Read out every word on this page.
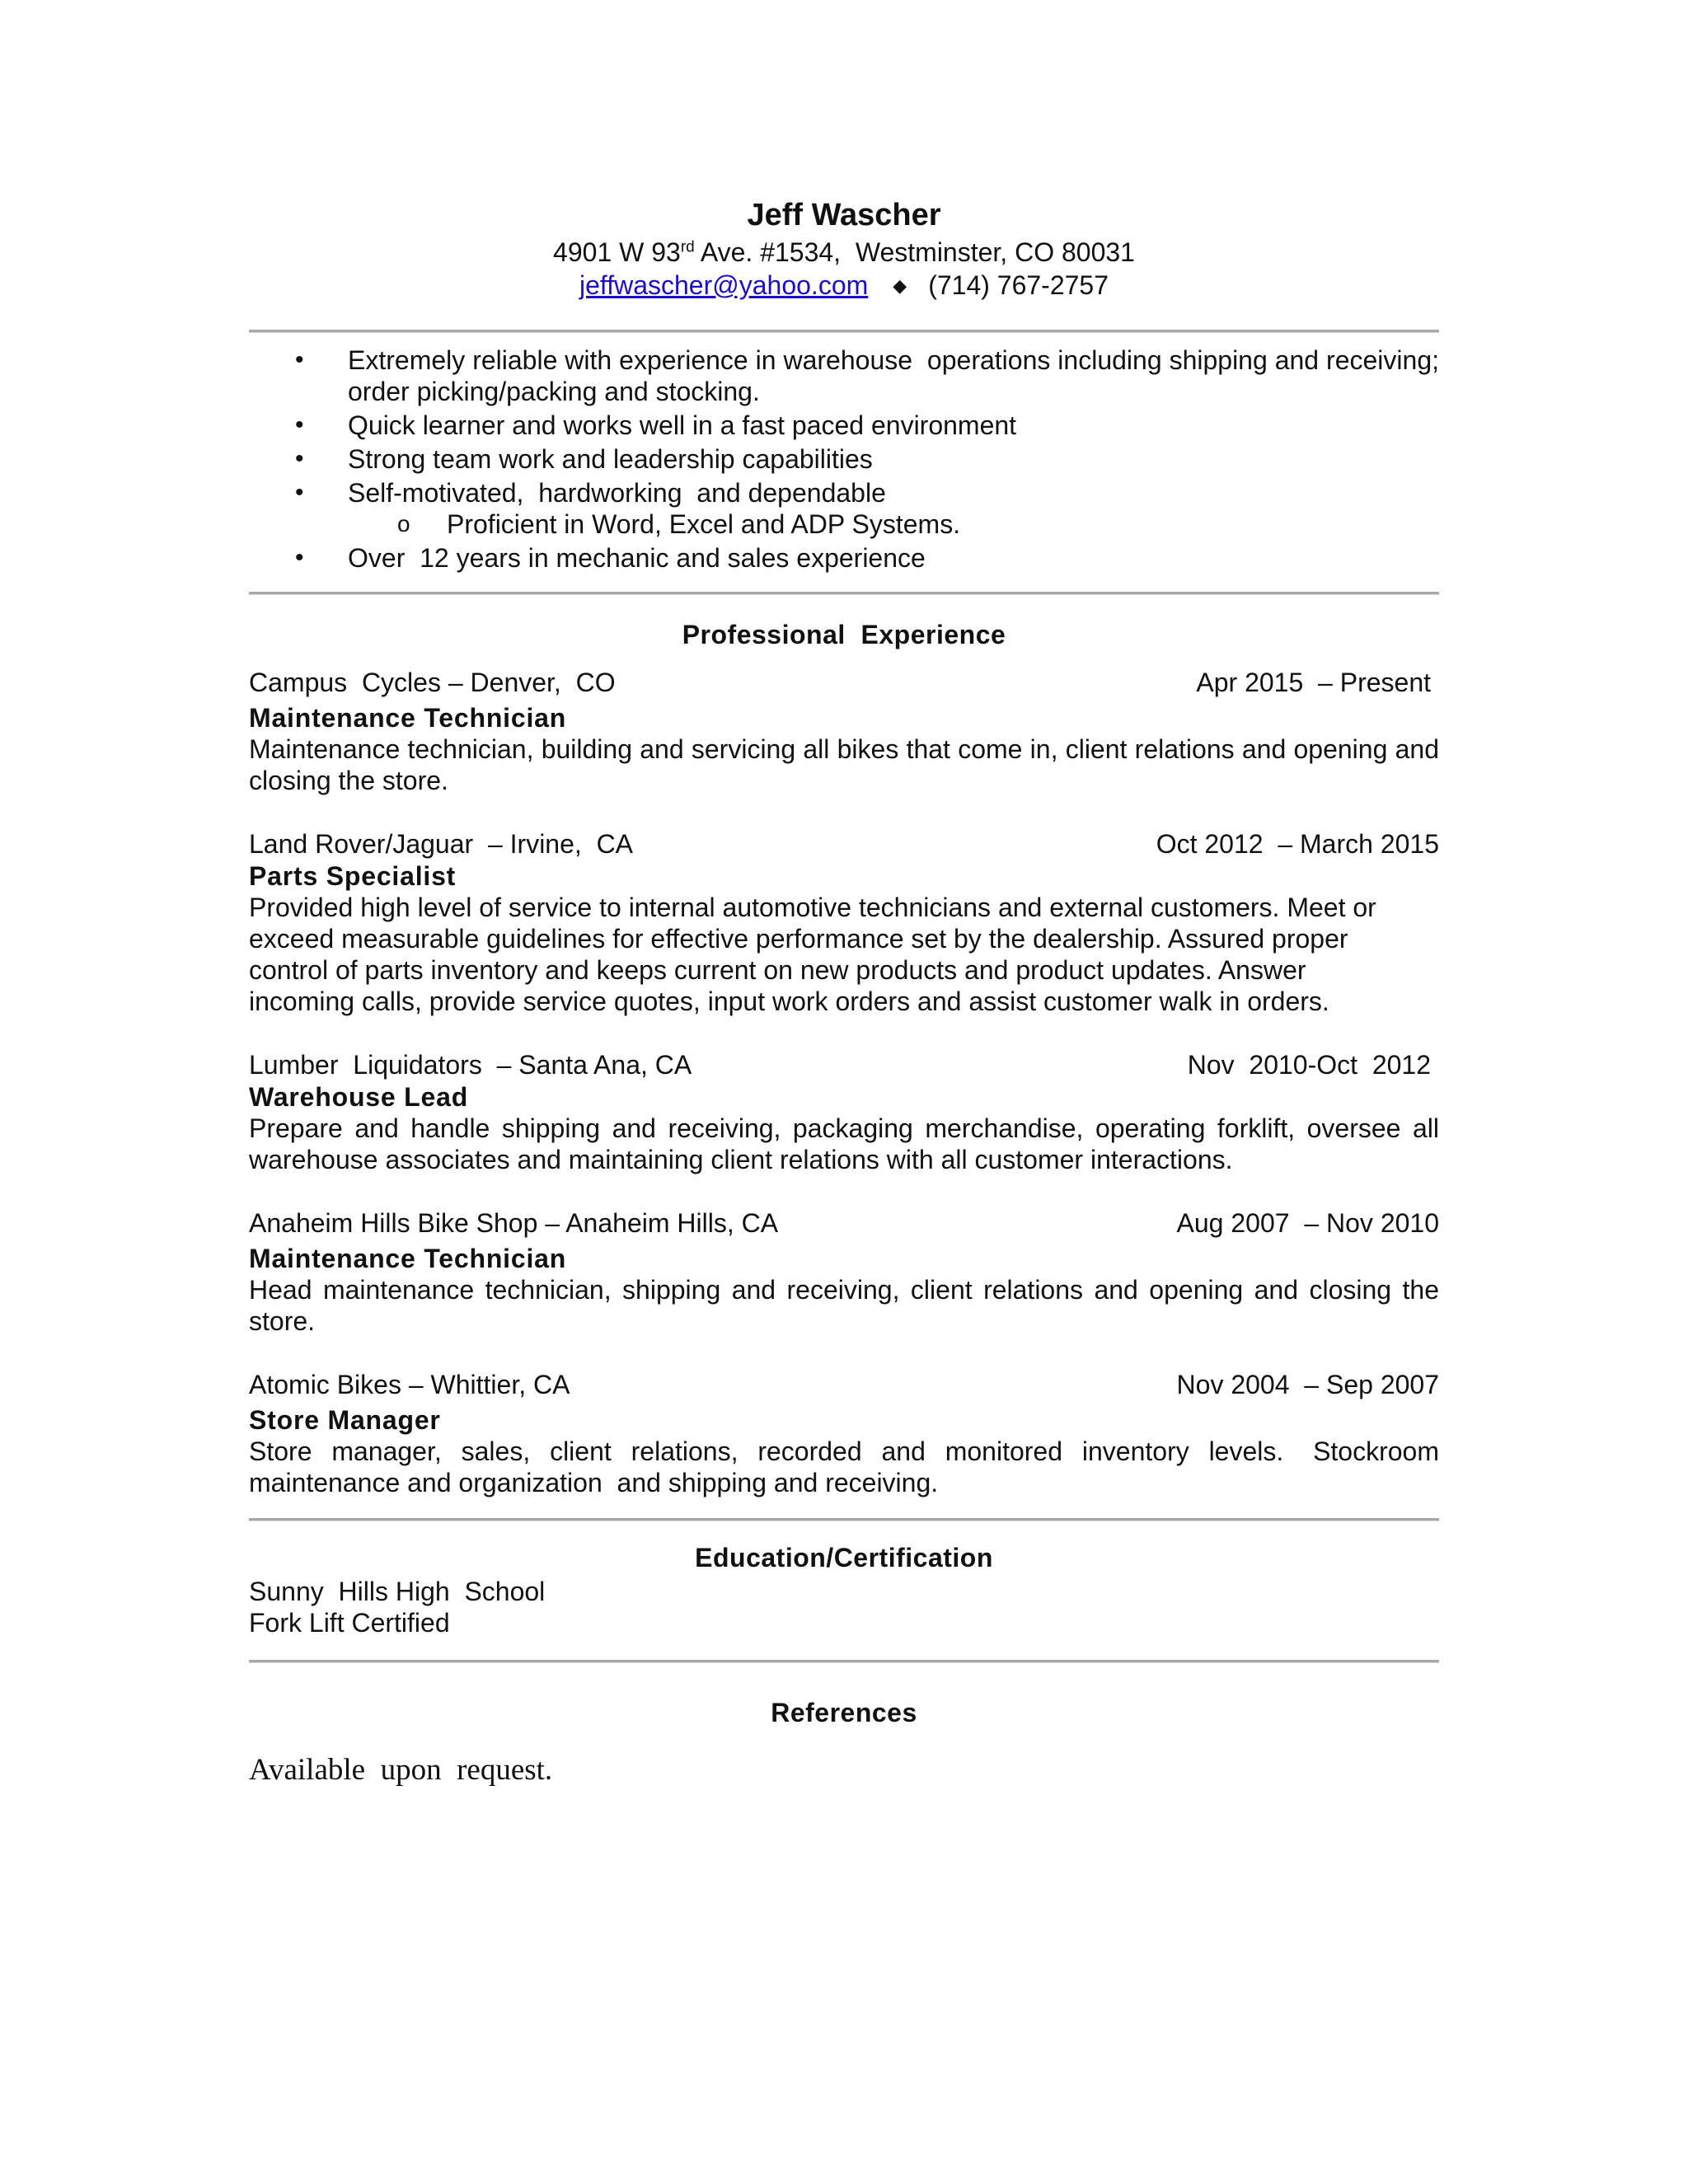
Jeff Wascher
4901 W 93rd Ave. #1534,  Westminster, CO 80031
jeffwascher@yahoo.com ◆ (714) 767-2757
• Extremely reliable with experience in warehouse  operations including shipping and receiving;  order picking/packing and stocking.
• Quick learner and works well in a fast paced environment
• Strong team work and leadership capabilities
• Self-motivated,  hardworking  and dependable
o Proficient in Word, Excel and ADP Systems.
• Over  12 years in mechanic and sales experience
Professional  Experience
Campus  Cycles – Denver,  CO	Apr 2015  – Present
Maintenance Technician
Maintenance technician, building and servicing all bikes that come in, client relations and opening and closing the store.
Land Rover/Jaguar  – Irvine,  CA	Oct 2012  – March 2015
Parts Specialist
Provided high level of service to internal automotive technicians and external customers. Meet or exceed measurable guidelines for effective performance set by the dealership. Assured proper control of parts inventory and keeps current on new products and product updates. Answer incoming calls, provide service quotes, input work orders and assist customer walk in orders.
Lumber  Liquidators  – Santa Ana, CA	Nov  2010-Oct  2012
Warehouse Lead
Prepare and handle shipping and receiving, packaging merchandise, operating forklift, oversee all warehouse associates and maintaining client relations with all customer interactions.
Anaheim Hills Bike Shop – Anaheim Hills, CA	Aug 2007  – Nov 2010
Maintenance Technician
Head maintenance technician, shipping and receiving, client relations and opening and closing the store.
Atomic Bikes – Whittier, CA	Nov 2004  – Sep 2007
Store Manager
Store  manager,  sales,  client  relations,  recorded  and  monitored  inventory  levels.   Stockroom maintenance and organization  and shipping and receiving.
Education/Certification
Sunny  Hills High  School
Fork Lift Certified
References
Available  upon  request.
